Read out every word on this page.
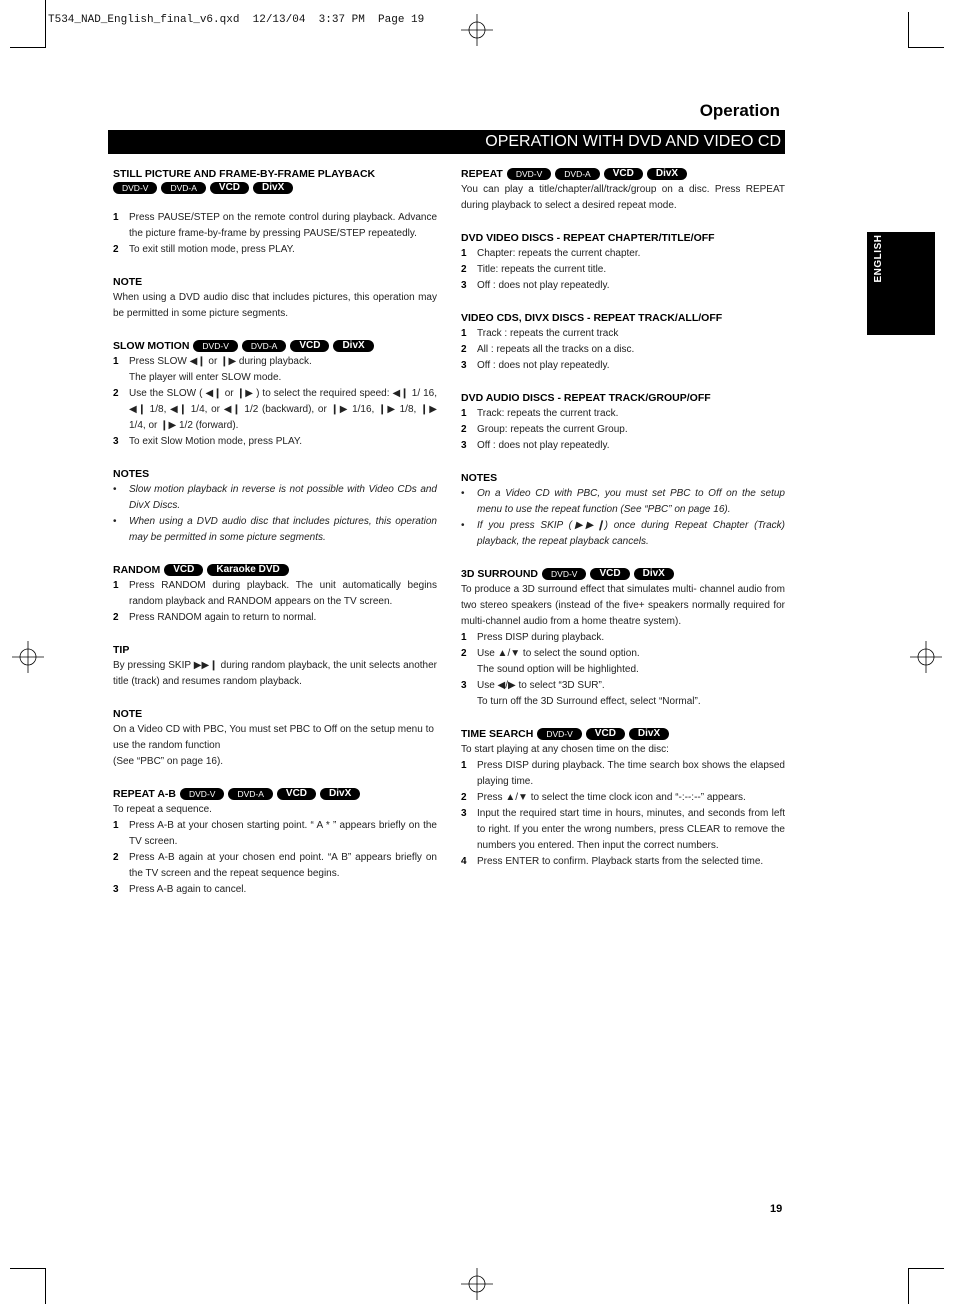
T534_NAD_English_final_v6.qxd  12/13/04  3:37 PM  Page 19
Operation
OPERATION WITH DVD AND VIDEO CD
ENGLISH

STILL PICTURE AND FRAME-BY-FRAME PLAYBACK

DVD-V	DVD-A	VCD	DivX
1	Press PAUSE/STEP on the remote control during playback. Advance the picture frame-by-frame by pressing PAUSE/STEP repeatedly.
2	To exit still motion mode, press PLAY.

NOTE

When using a DVD audio disc that includes pictures, this operation may be permitted in some picture segments.

SLOW MOTION	DVD-V	DVD-A	VCD	DivX
1	Press SLOW ◀❙ or ❙▶ during playback.
The player will enter SLOW mode.
2	Use the SLOW ( ◀❙ or ❙▶ ) to select the required speed: ◀❙ 1/ 16, ◀❙ 1/8, ◀❙ 1/4, or ◀❙ 1/2 (backward), or ❙▶ 1/16, ❙▶ 1/8, ❙▶ 1/4, or ❙▶ 1/2 (forward).
3	To exit Slow Motion mode, press PLAY.

NOTES

•	Slow motion playback in reverse is not possible with Video CDs and DivX Discs.
•	When using a DVD audio disc that includes pictures, this operation may be permitted in some picture segments.
RANDOM	VCD	Karaoke DVD
1	Press RANDOM during playback. The unit automatically begins random playback and RANDOM appears on the TV screen.
2	Press RANDOM again to return to normal.

TIP

By pressing SKIP ▶▶❙ during random playback, the unit selects another title (track) and resumes random playback.

NOTE

On a Video CD with PBC, You must set PBC to Off on the setup menu to use the random function

(See “PBC” on page 16).

REPEAT A-B	DVD-V	DVD-A	VCD	DivX

To repeat a sequence.

1	Press A-B at your chosen starting point. “ A * ” appears briefly on the TV screen.
2	Press A-B again at your chosen end point. “A B” appears briefly on the TV screen and the repeat sequence begins.
3	Press A-B again to cancel.
REPEAT	DVD-V	DVD-A	VCD	DivX

You can play a title/chapter/all/track/group on a disc. Press REPEAT during playback to select a desired repeat mode.

DVD VIDEO DISCS - REPEAT CHAPTER/TITLE/OFF

1	Chapter: repeats the current chapter.
2	Title: repeats the current title.
3	Off : does not play repeatedly.

VIDEO CDS, DIVX DISCS - REPEAT TRACK/ALL/OFF

1	Track : repeats the current track
2	All : repeats all the tracks on a disc.
3	Off : does not play repeatedly.

DVD AUDIO DISCS - REPEAT TRACK/GROUP/OFF

1	Track: repeats the current track.
2	Group: repeats the current Group.
3	Off : does not play repeatedly.

NOTES

•	On a Video CD with PBC, you must set PBC to Off on the setup menu to use the repeat function (See “PBC” on page 16).
•	If you press SKIP (▶▶❙) once during Repeat Chapter (Track) playback, the repeat playback cancels.
3D SURROUND	DVD-V	VCD	DivX

To produce a 3D surround effect that simulates multi- channel audio from two stereo speakers (instead of the five+ speakers normally required for multi-channel audio from a home theatre system).

1	Press DISP during playback.
2	Use ▲/▼ to select the sound option.
The sound option will be highlighted.
3	Use ◀/▶ to select “3D SUR”.
To turn off the 3D Surround effect, select “Normal”.
TIME SEARCH	DVD-V	VCD	DivX

To start playing at any chosen time on the disc:

1	Press DISP during playback. The time search box shows the elapsed playing time.
2	Press ▲/▼ to select the time clock icon and “-:--:--” appears.
3	Input the required start time in hours, minutes, and seconds from left to right. If you enter the wrong numbers, press CLEAR to remove the numbers you entered. Then input the correct numbers.
4	Press ENTER to confirm. Playback starts from the selected time.
19
